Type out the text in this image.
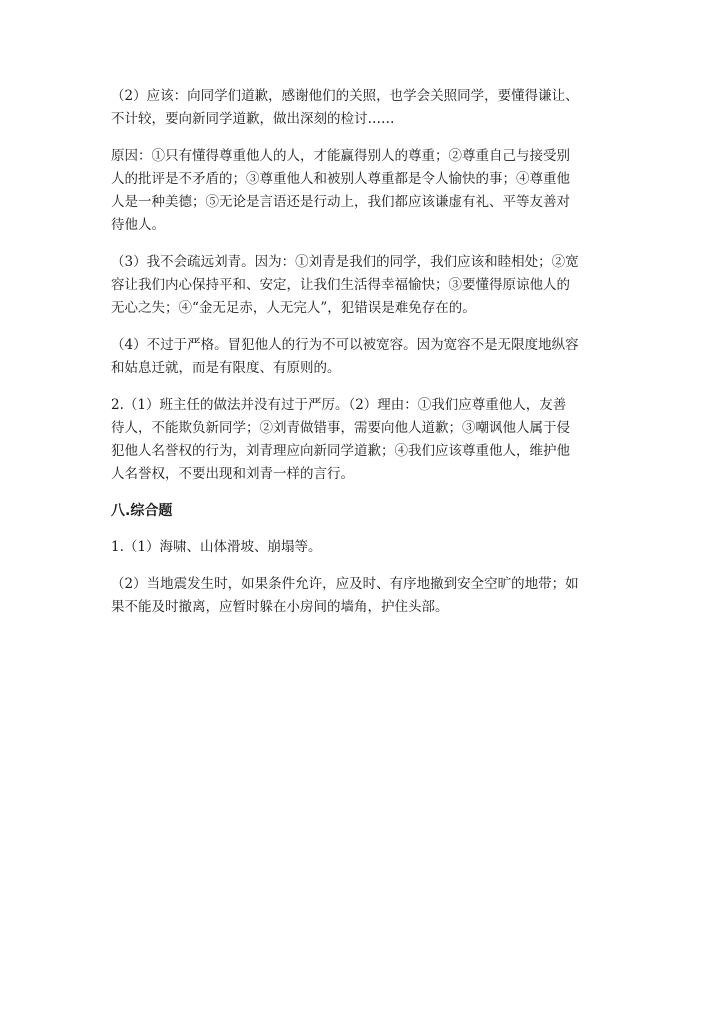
（2）应该：向同学们道歉，感谢他们的关照，也学会关照同学，要懂得谦让、
不计较，要向新同学道歉，做出深刻的检讨……

原因：①只有懂得尊重他人的人，才能赢得别人的尊重；②尊重自己与接受别
人的批评是不矛盾的；③尊重他人和被别人尊重都是令人愉快的事；④尊重他
人是一种美德；⑤无论是言语还是行动上，我们都应该谦虚有礼、平等友善对
待他人。

（3）我不会疏远刘青。因为：①刘青是我们的同学，我们应该和睦相处；②宽
容让我们内心保持平和、安定，让我们生活得幸福愉快；③要懂得原谅他人的
无心之失；④“金无足赤，人无完人”，犯错误是难免存在的。

（4）不过于严格。冒犯他人的行为不可以被宽容。因为宽容不是无限度地纵容
和姑息迁就，而是有限度、有原则的。

2.（1）班主任的做法并没有过于严厉。（2）理由：①我们应尊重他人，友善
待人，不能欺负新同学；②刘青做错事，需要向他人道歉；③嘲讽他人属于侵
犯他人名誉权的行为，刘青理应向新同学道歉；④我们应该尊重他人，维护他
人名誉权，不要出现和刘青一样的言行。

八.综合题

1.（1）海啸、山体滑坡、崩塌等。

（2）当地震发生时，如果条件允许，应及时、有序地撤到安全空旷的地带；如
果不能及时撤离，应暂时躲在小房间的墙角，护住头部。
